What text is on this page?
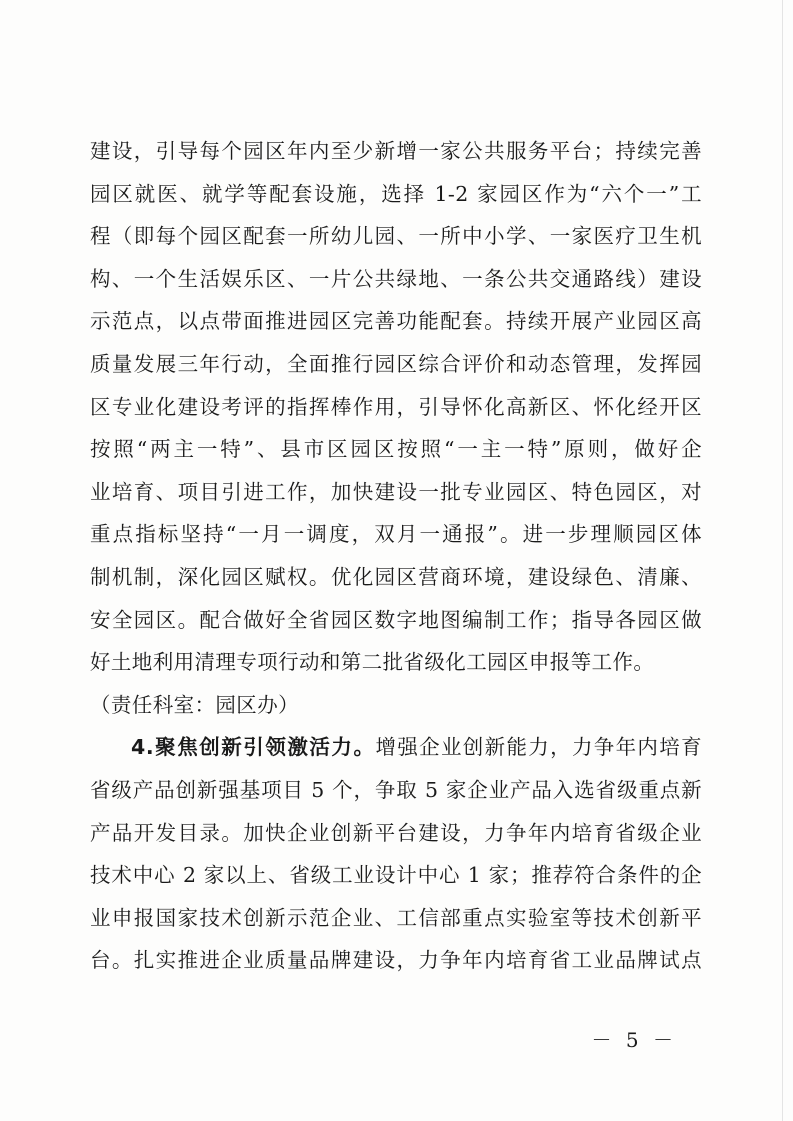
建设，引导每个园区年内至少新增一家公共服务平台；持续完善
园区就医、就学等配套设施，选择 1-2 家园区作为“六个一”工
程（即每个园区配套一所幼儿园、一所中小学、一家医疗卫生机
构、一个生活娱乐区、一片公共绿地、一条公共交通路线）建设
示范点，以点带面推进园区完善功能配套。持续开展产业园区高
质量发展三年行动，全面推行园区综合评价和动态管理，发挥园
区专业化建设考评的指挥棒作用，引导怀化高新区、怀化经开区
按照“两主一特”、县市区园区按照“一主一特”原则，做好企
业培育、项目引进工作，加快建设一批专业园区、特色园区，对
重点指标坚持“一月一调度，双月一通报”。进一步理顺园区体
制机制，深化园区赋权。优化园区营商环境，建设绿色、清廉、
安全园区。配合做好全省园区数字地图编制工作；指导各园区做
好土地利用清理专项行动和第二批省级化工园区申报等工作。
（责任科室：园区办）
4.聚焦创新引领激活力。增强企业创新能力，力争年内培育
省级产品创新强基项目 5 个，争取 5 家企业产品入选省级重点新
产品开发目录。加快企业创新平台建设，力争年内培育省级企业
技术中心 2 家以上、省级工业设计中心 1 家；推荐符合条件的企
业申报国家技术创新示范企业、工信部重点实验室等技术创新平
台。扎实推进企业质量品牌建设，力争年内培育省工业品牌试点
－ 5 －
